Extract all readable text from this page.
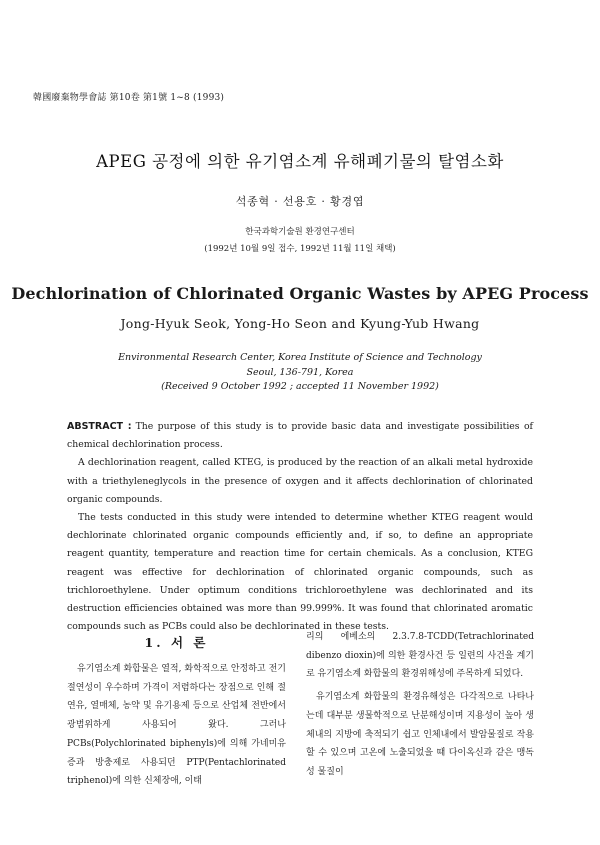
韓國廢棄物學會誌 第10卷 第1號 1~8 (1993)
APEG 공정에 의한 유기염소계 유해폐기물의 탈염소화
석종혁 · 선용호 · 황경엽
한국과학기술원 환경연구센터
(1992년 10월 9일 접수, 1992년 11월 11일 채택)
Dechlorination of Chlorinated Organic Wastes by APEG Process
Jong-Hyuk Seok, Yong-Ho Seon and Kyung-Yub Hwang
Environmental Research Center, Korea Institute of Science and Technology
Seoul, 136-791, Korea
(Received 9 October 1992 ; accepted 11 November 1992)

ABSTRACT : The purpose of this study is to provide basic data and investigate possibilities of chemical dechlorination process.

A dechlorination reagent, called KTEG, is produced by the reaction of an alkali metal hydroxide with a triethyleneglycols in the presence of oxygen and it affects dechlorination of chlorinated organic compounds.

The tests conducted in this study were intended to determine whether KTEG reagent would dechlorinate chlorinated organic compounds efficiently and, if so, to define an appropriate reagent quantity, temperature and reaction time for certain chemicals. As a conclusion, KTEG reagent was effective for dechlorination of chlorinated organic compounds, such as trichloroethylene. Under optimum conditions trichloroethylene was dechlorinated and its destruction efficiencies obtained was more than 99.999%. It was found that chlorinated aromatic compounds such as PCBs could also be dechlorinated in these tests.

1. 서 론

유기염소계 화합물은 열적, 화학적으로 안정하고 전기절연성이 우수하며 가격이 저렴하다는 장점으로 인해 절연유, 열매체, 농약 및 유기용제 등으로 산업체 전반에서 광범위하게 사용되어 왔다. 그러나 PCBs(Polychlorinated biphenyls)에 의해 가네미유증과 방충제로 사용되던 PTP(Pentachlorinated triphenol)에 의한 신체장애, 이태

리의 에베소의 2.3.7.8-TCDD(Tetrachlorinated dibenzo dioxin)에 의한 환경사건 등 일련의 사건을 계기로 유기염소계 화합물의 환경위해성에 주목하게 되었다.

유기염소계 화합물의 환경유해성은 다각적으로 나타나는데 대부분 생물학적으로 난분해성이며 지용성이 높아 생체내의 지방에 축적되기 쉽고 인체내에서 발암물질로 작용할 수 있으며 고온에 노출되었을 때 다이옥신과 같은 맹독성 물질이
